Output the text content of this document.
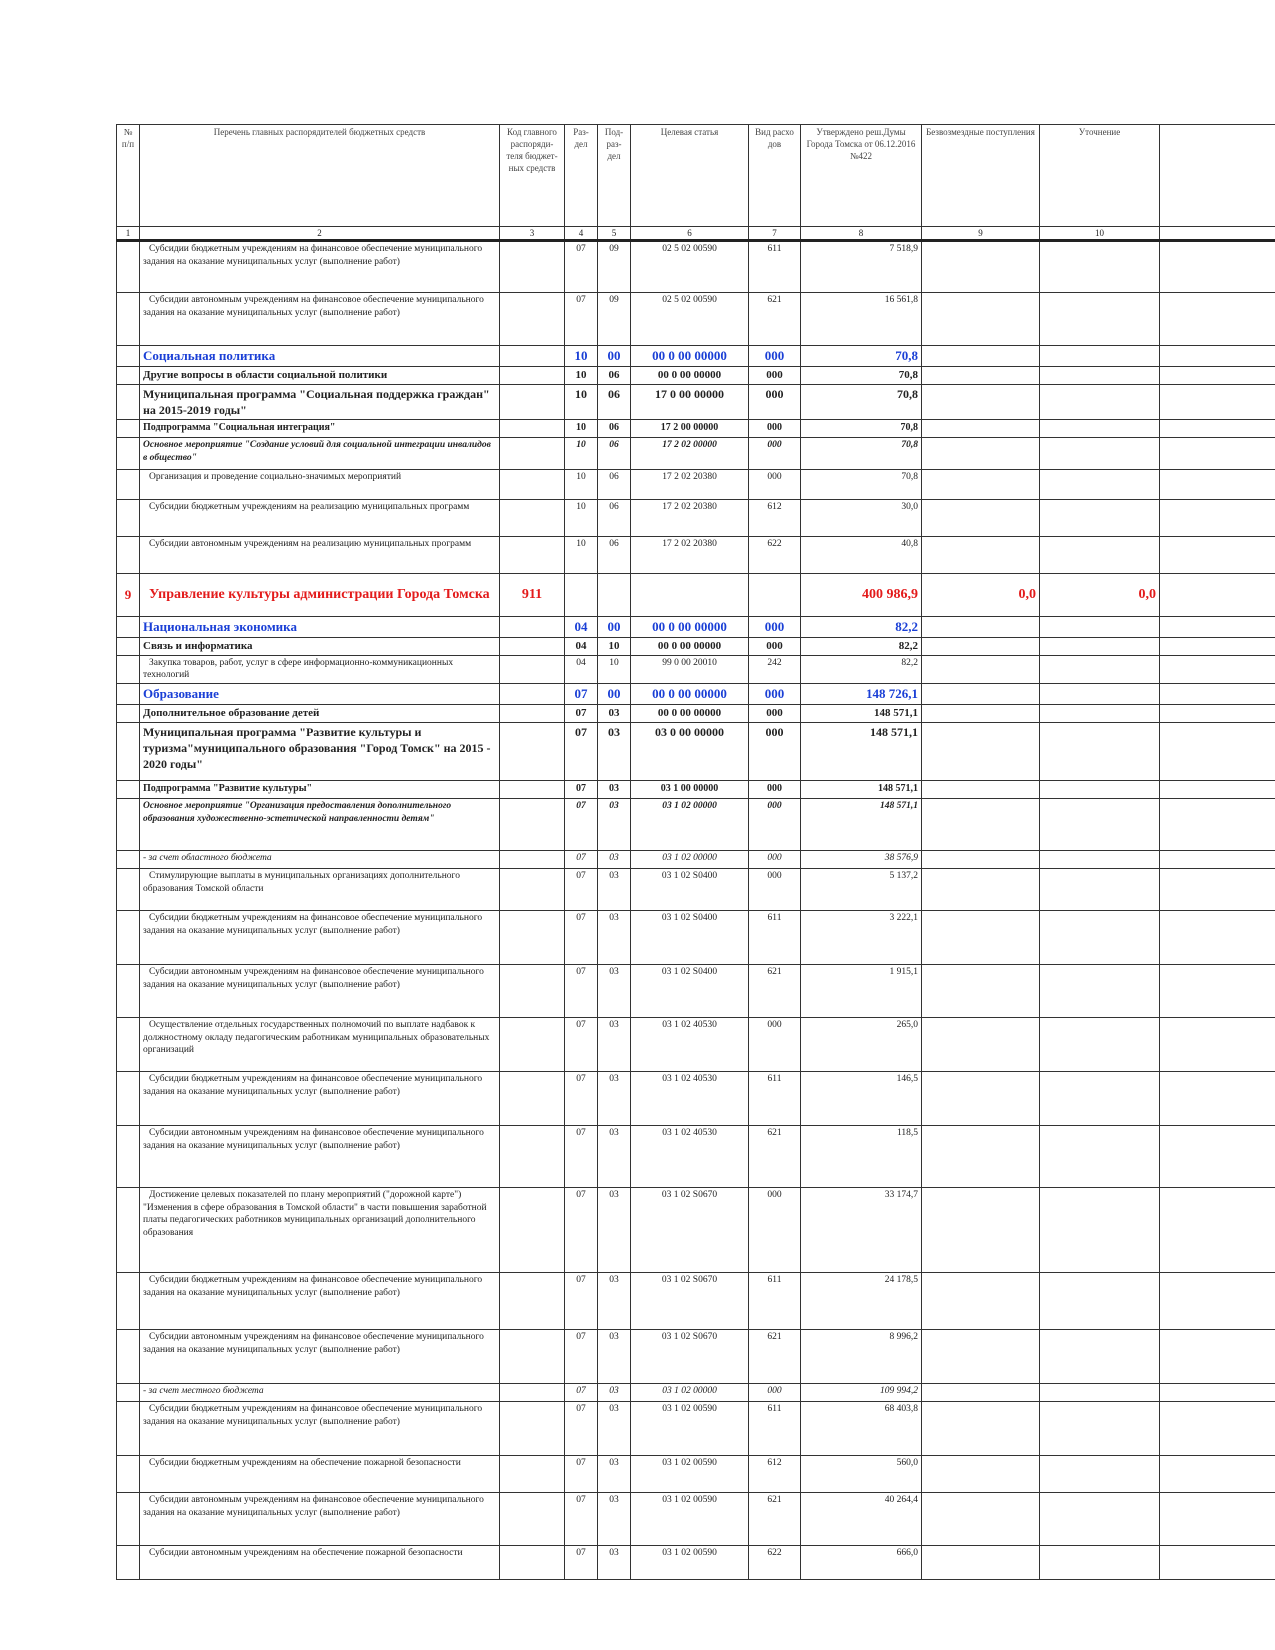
№ п/п	Перечень главных распорядителей бюджетных средств	Код главного распоряди-теля бюджет-ных средств	Раз-дел	Под-раз-дел	Целевая статья	Вид расхо дов	Утверждено реш.Думы Города Томска от 06.12.2016 №422	Безвозмездные поступления	Уточнение	
1	2	3	4	5	6	7	8	9	10	
	Субсидии бюджетным учреждениям на финансовое обеспечение муниципального задания на оказание муниципальных услуг (выполнение работ)		07	09	02 5 02 00590	611	7 518,9			
	Субсидии автономным учреждениям на финансовое обеспечение муниципального задания на оказание муниципальных услуг (выполнение работ)		07	09	02 5 02 00590	621	16 561,8			
	Социальная политика		10	00	00 0 00 00000	000	70,8			
	Другие вопросы в области социальной политики		10	06	00 0 00 00000	000	70,8			
	Муниципальная программа "Социальная поддержка граждан" на 2015-2019 годы"		10	06	17 0 00 00000	000	70,8			
	Подпрограмма "Социальная интеграция"		10	06	17 2 00 00000	000	70,8			
	Основное мероприятие "Создание условий для социальной интеграции инвалидов в общество"		10	06	17 2 02 00000	000	70,8			
	Организация и проведение социально-значимых мероприятий		10	06	17 2 02 20380	000	70,8			
	Субсидии бюджетным учреждениям на реализацию муниципальных программ		10	06	17 2 02 20380	612	30,0			
	Субсидии автономным учреждениям на реализацию муниципальных программ		10	06	17 2 02 20380	622	40,8			
9	Управление культуры администрации Города Томска	911					400 986,9	0,0	0,0	
	Национальная экономика		04	00	00 0 00 00000	000	82,2			
	Связь и информатика		04	10	00 0 00 00000	000	82,2			
	Закупка товаров, работ, услуг в сфере информационно-коммуникационных технологий		04	10	99 0 00 20010	242	82,2			
	Образование		07	00	00 0 00 00000	000	148 726,1			
	Дополнительное образование детей		07	03	00 0 00 00000	000	148 571,1			
	Муниципальная программа "Развитие культуры и туризма"муниципального образования "Город Томск" на 2015 - 2020 годы"		07	03	03 0 00 00000	000	148 571,1			
	Подпрограмма "Развитие культуры"		07	03	03 1 00 00000	000	148 571,1			
	Основное мероприятие "Организация предоставления дополнительного образования художественно-эстетической направленности детям"		07	03	03 1 02 00000	000	148 571,1			
	- за счет областного бюджета		07	03	03 1 02 00000	000	38 576,9			
	Стимулирующие выплаты в муниципальных организациях дополнительного образования Томской области		07	03	03 1 02 S0400	000	5 137,2			
	Субсидии бюджетным учреждениям на финансовое обеспечение муниципального задания на оказание муниципальных услуг (выполнение работ)		07	03	03 1 02 S0400	611	3 222,1			
	Субсидии автономным учреждениям на финансовое обеспечение муниципального задания на оказание муниципальных услуг (выполнение работ)		07	03	03 1 02 S0400	621	1 915,1			
	Осуществление отдельных государственных полномочий по выплате надбавок к должностному окладу педагогическим работникам муниципальных образовательных организаций		07	03	03 1 02 40530	000	265,0			
	Субсидии бюджетным учреждениям на финансовое обеспечение муниципального задания на оказание муниципальных услуг (выполнение работ)		07	03	03 1 02 40530	611	146,5			
	Субсидии автономным учреждениям на финансовое обеспечение муниципального задания на оказание муниципальных услуг (выполнение работ)		07	03	03 1 02 40530	621	118,5			
	Достижение целевых показателей по плану мероприятий ("дорожной карте") "Изменения в сфере образования в Томской области" в части повышения заработной платы педагогических работников муниципальных организаций дополнительного образования		07	03	03 1 02 S0670	000	33 174,7			
	Субсидии бюджетным учреждениям на финансовое обеспечение муниципального задания на оказание муниципальных услуг (выполнение работ)		07	03	03 1 02 S0670	611	24 178,5			
	Субсидии автономным учреждениям на финансовое обеспечение муниципального задания на оказание муниципальных услуг (выполнение работ)		07	03	03 1 02 S0670	621	8 996,2			
	- за счет местного бюджета		07	03	03 1 02 00000	000	109 994,2			
	Субсидии бюджетным учреждениям на финансовое обеспечение муниципального задания на оказание муниципальных услуг (выполнение работ)		07	03	03 1 02 00590	611	68 403,8			
	Субсидии бюджетным учреждениям на обеспечение пожарной безопасности		07	03	03 1 02 00590	612	560,0			
	Субсидии автономным учреждениям на финансовое обеспечение муниципального задания на оказание муниципальных услуг (выполнение работ)		07	03	03 1 02 00590	621	40 264,4			
	Субсидии автономным учреждениям на обеспечение пожарной безопасности		07	03	03 1 02 00590	622	666,0			
